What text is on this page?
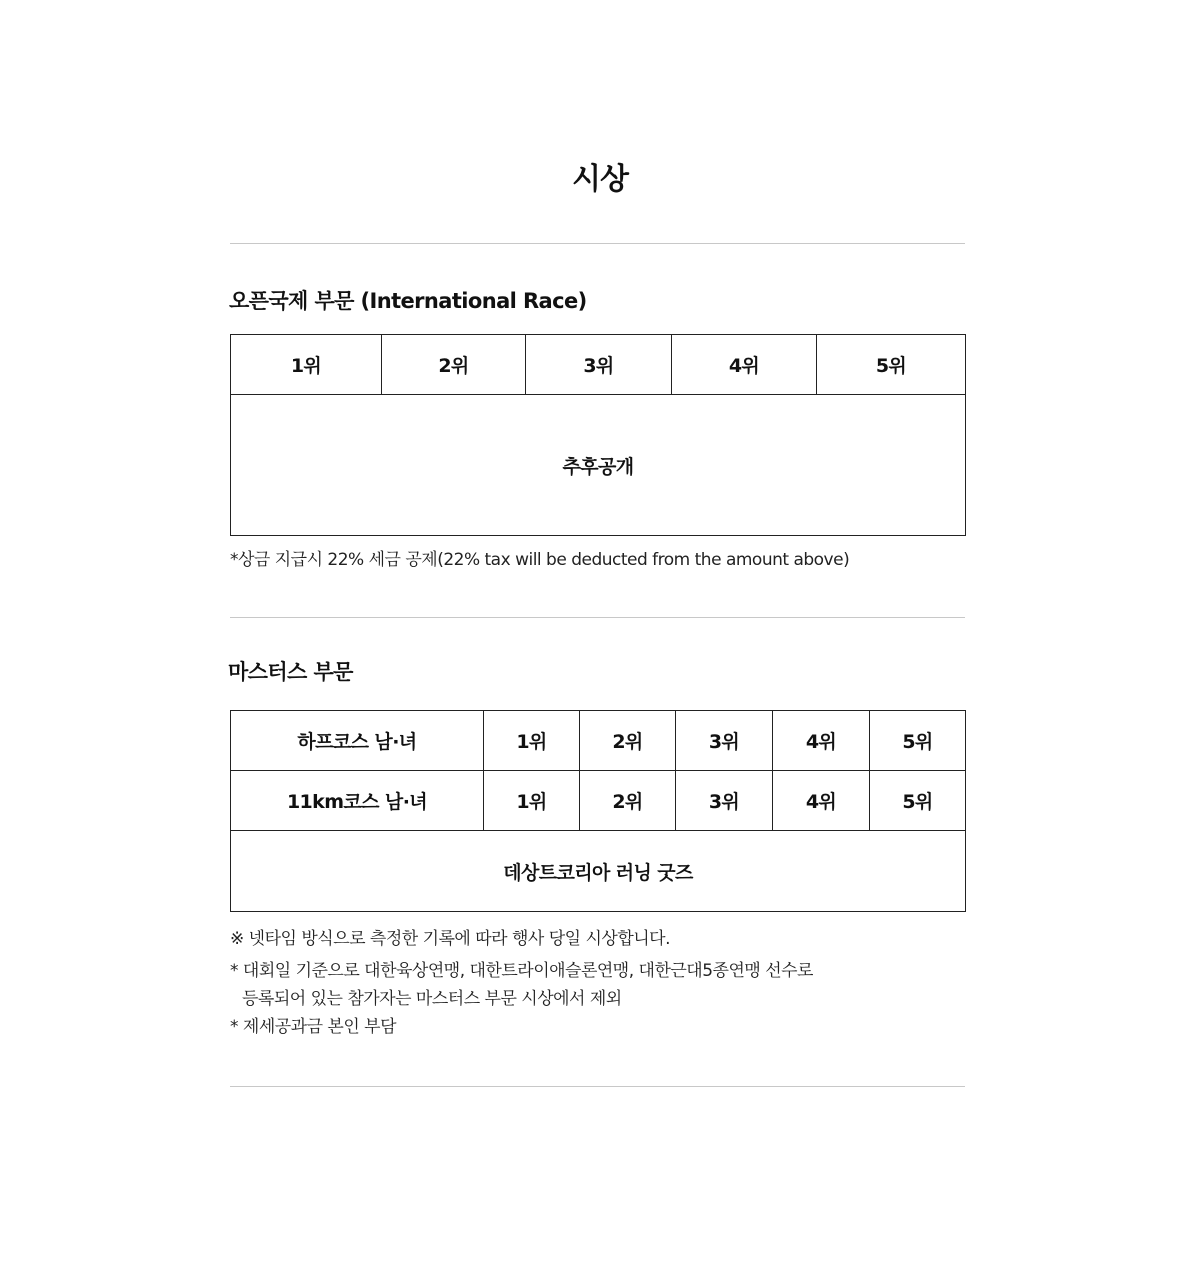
시상
오픈국제 부문 (International Race)
1위	2위	3위	4위	5위
추후공개
*상금 지급시 22% 세금 공제(22% tax will be deducted from the amount above)
마스터스 부문
하프코스 남·녀	1위	2위	3위	4위	5위
11km코스 남·녀	1위	2위	3위	4위	5위
데상트코리아 러닝 굿즈					
※ 넷타임 방식으로 측정한 기록에 따라 행사 당일 시상합니다.
* 대회일 기준으로 대한육상연맹, 대한트라이애슬론연맹, 대한근대5종연맹 선수로
등록되어 있는 참가자는 마스터스 부문 시상에서 제외
* 제세공과금 본인 부담
